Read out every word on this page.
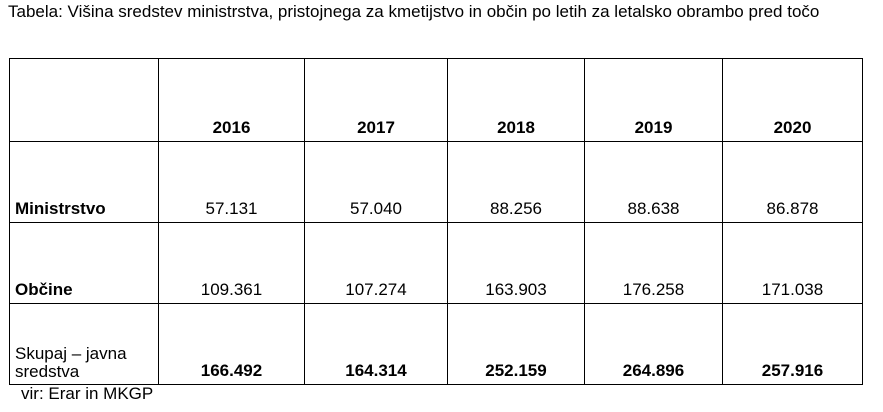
Tabela: Višina sredstev ministrstva, pristojnega za kmetijstvo in občin po letih za letalsko obrambo pred točo
	2016	2017	2018	2019	2020
Ministrstvo	57.131	57.040	88.256	88.638	86.878
Občine	109.361	107.274	163.903	176.258	171.038
Skupaj – javna sredstva	166.492	164.314	252.159	264.896	257.916
vir: Erar in MKGP
